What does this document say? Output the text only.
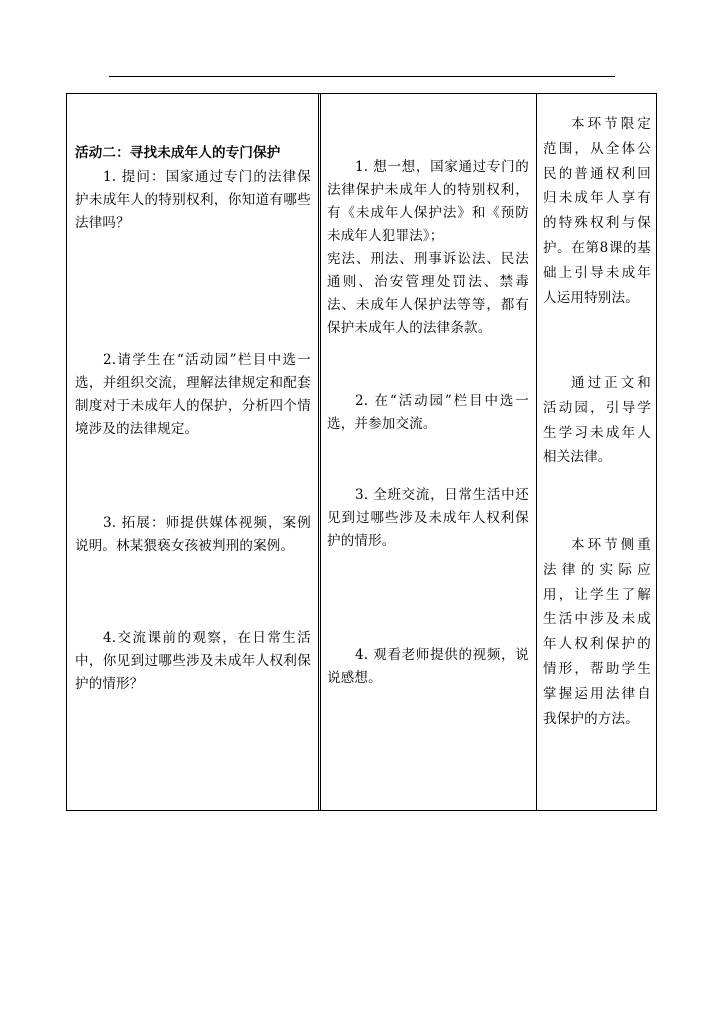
活动二：寻找未成年人的专门保护
1. 提问：国家通过专门的法律保护未成年人的特别权利，你知道有哪些法律吗？
2.请学生在“活动园”栏目中选一选，并组织交流，理解法律规定和配套制度对于未成年人的保护，分析四个情境涉及的法律规定。
3. 拓展：师提供媒体视频，案例说明。林某猥亵女孩被判刑的案例。
4.交流课前的观察，在日常生活中，你见到过哪些涉及未成年人权利保护的情形？
1. 想一想，国家通过专门的法律保护未成年人的特别权利，有《未成年人保护法》和《预防未成年人犯罪法》；
宪法、刑法、刑事诉讼法、民法通则、治安管理处罚法、禁毒法、未成年人保护法等等，都有保护未成年人的法律条款。
2. 在“活动园”栏目中选一选，并参加交流。
3. 全班交流，日常生活中还见到过哪些涉及未成年人权利保护的情形。
4. 观看老师提供的视频，说说感想。
本环节限定范围，从全体公民的普通权利回归未成年人享有的特殊权利与保护。在第8课的基础上引导未成年人运用特别法。
通过正文和活动园，引导学生学习未成年人相关法律。
本环节侧重法律的实际应用，让学生了解生活中涉及未成年人权利保护的情形，帮助学生掌握运用法律自我保护的方法。
